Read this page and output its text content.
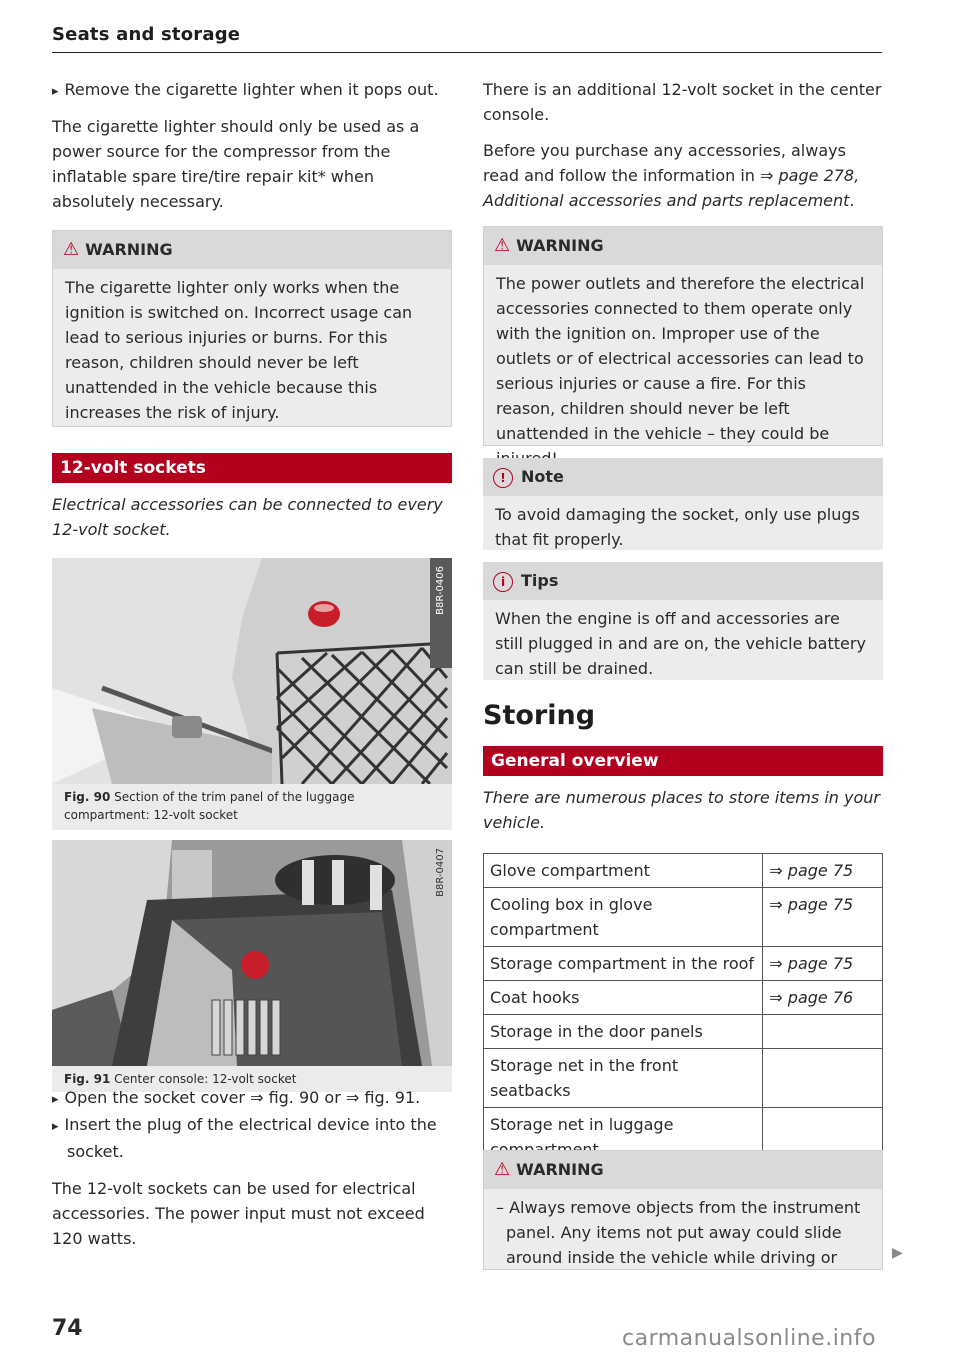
Seats and storage

▸ Remove the cigarette lighter when it pops out.

The cigarette lighter should only be used as a power source for the compressor from the inflatable spare tire/tire repair kit* when absolutely necessary.

⚠ WARNING
The cigarette lighter only works when the ignition is switched on. Incorrect usage can lead to serious injuries or burns. For this reason, children should never be left unattended in the vehicle because this increases the risk of injury.
12-volt sockets

Electrical accessories can be connected to every 12-volt socket.

B8R-0406
Fig. 90 Section of the trim panel of the luggage compartment: 12-volt socket
B8R-0407
Fig. 91 Center console: 12-volt socket

▸ Open the socket cover ⇒ fig. 90 or ⇒ fig. 91.

▸ Insert the plug of the electrical device into the socket.

The 12-volt sockets can be used for electrical accessories. The power input must not exceed 120 watts.

74

There is an additional 12-volt socket in the center console.

Before you purchase any accessories, always read and follow the information in ⇒ page 278, Additional accessories and parts replacement.

⚠ WARNING
The power outlets and therefore the electrical accessories connected to them operate only with the ignition on. Improper use of the outlets or of electrical accessories can lead to serious injuries or cause a fire. For this reason, children should never be left unattended in the vehicle – they could be
! Note
To avoid damaging the socket, only use plugs that fit properly.
i Tips
When the engine is off and accessories are still plugged in and are on, the vehicle battery can still be drained.
Storing
General overview

There are numerous places to store items in your vehicle.

Glove compartment	⇒ page 75
Cooling box in glove compartment	⇒ page 75
Storage compartment in the roof	⇒ page 75
Coat hooks	⇒ page 76
Storage in the door panels	
Storage net in the front seatbacks	
Storage net in luggage	
⚠ WARNING
– Always remove objects from the instrument panel. Any items not put away could slide around inside the vehicle while driving or	▶
carmanualsonline.info
